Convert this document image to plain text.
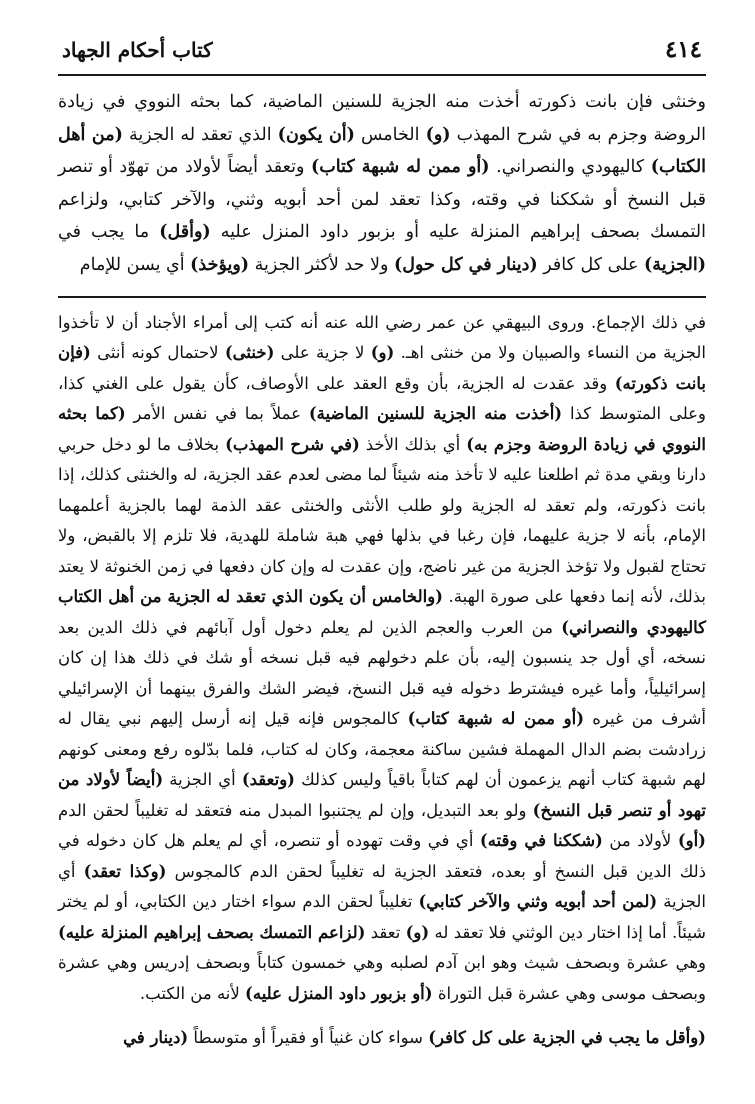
٤١٤
كتاب أحكام الجهاد

وخنثى فإن بانت ذكورته أخذت منه الجزية للسنين الماضية، كما بحثه النووي في زيادة الروضة وجزم به في شرح المهذب (و) الخامس (أن يكون) الذي تعقد له الجزية (من أهل الكتاب) كاليهودي والنصراني. (أو ممن له شبهة كتاب) وتعقد أيضاً لأولاد من تهوّد أو تنصر قبل النسخ أو شككنا في وقته، وكذا تعقد لمن أحد أبويه وثني، والآخر كتابي، ولزاعم التمسك بصحف إبراهيم المنزلة عليه أو بزبور داود المنزل عليه (وأقل) ما يجب في (الجزية) على كل كافر (دينار في كل حول) ولا حد لأكثر الجزية (ويؤخذ) أي يسن للإمام

في ذلك الإجماع. وروى البيهقي عن عمر رضي الله عنه أنه كتب إلى أمراء الأجناد أن لا تأخذوا الجزية من النساء والصبيان ولا من خنثى اهـ. (و) لا جزية على (خنثى) لاحتمال كونه أنثى (فإن بانت ذكورته) وقد عقدت له الجزية، بأن وقع العقد على الأوصاف، كأن يقول على الغني كذا، وعلى المتوسط كذا (أخذت منه الجزية للسنين الماضية) عملاً بما في نفس الأمر (كما بحثه النووي في زيادة الروضة وجزم به) أي بذلك الأخذ (في شرح المهذب) بخلاف ما لو دخل حربي دارنا وبقي مدة ثم اطلعنا عليه لا تأخذ منه شيئاً لما مضى لعدم عقد الجزية، له والخنثى كذلك، إذا بانت ذكورته، ولم تعقد له الجزية ولو طلب الأنثى والخنثى عقد الذمة لهما بالجزية أعلمهما الإمام، بأنه لا جزية عليهما، فإن رغبا في بذلها فهي هبة شاملة للهدية، فلا تلزم إلا بالقبض، ولا تحتاج لقبول ولا تؤخذ الجزية من غير ناضج، وإن عقدت له وإن كان دفعها في زمن الخنوثة لا يعتد بذلك، لأنه إنما دفعها على صورة الهبة. (والخامس أن يكون الذي تعقد له الجزية من أهل الكتاب كاليهودي والنصراني) من العرب والعجم الذين لم يعلم دخول أول آبائهم في ذلك الدين بعد نسخه، أي أول جد ينسبون إليه، بأن علم دخولهم فيه قبل نسخه أو شك في ذلك هذا إن كان إسرائيلياً، وأما غيره فيشترط دخوله فيه قبل النسخ، فيضر الشك والفرق بينهما أن الإسرائيلي أشرف من غيره (أو ممن له شبهة كتاب) كالمجوس فإنه قيل إنه أرسل إليهم نبي يقال له زرادشت بضم الدال المهملة فشين ساكنة معجمة، وكان له كتاب، فلما بدّلوه رفع ومعنى كونهم لهم شبهة كتاب أنهم يزعمون أن لهم كتاباً باقياً وليس كذلك (وتعقد) أي الجزية (أيضاً لأولاد من تهود أو تنصر قبل النسخ) ولو بعد التبديل، وإن لم يجتنبوا المبدل منه فتعقد له تغليباً لحقن الدم (أو) لأولاد من (شككنا في وقته) أي في وقت تهوده أو تنصره، أي لم يعلم هل كان دخوله في ذلك الدين قبل النسخ أو بعده، فتعقد الجزية له تغليباً لحقن الدم كالمجوس (وكذا تعقد) أي الجزية (لمن أحد أبويه وثني والآخر كتابي) تغليباً لحقن الدم سواء اختار دين الكتابي، أو لم يختر شيئاً. أما إذا اختار دين الوثني فلا تعقد له (و) تعقد (لزاعم التمسك بصحف إبراهيم المنزلة عليه) وهي عشرة وبصحف شيث وهو ابن آدم لصلبه وهي خمسون كتاباً وبصحف إدريس وهي عشرة وبصحف موسى وهي عشرة قبل التوراة (أو بزبور داود المنزل عليه) لأنه من الكتب.

(وأقل ما يجب في الجزية على كل كافر) سواء كان غنياً أو فقيراً أو متوسطاً (دينار في
